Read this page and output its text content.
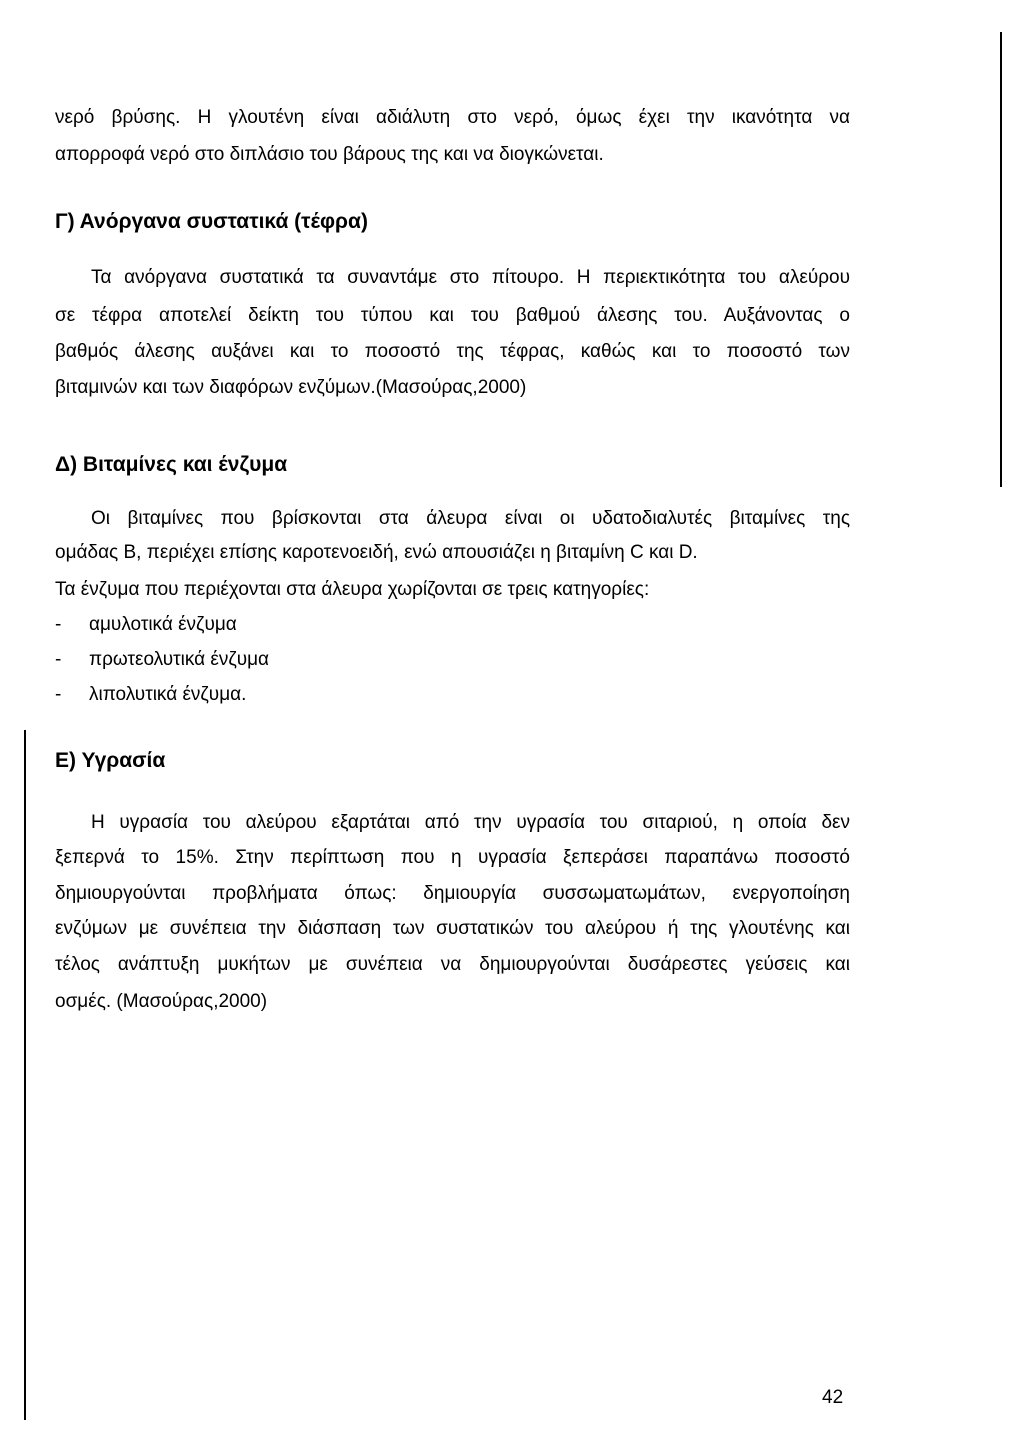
νερό βρύσης. Η γλουτένη είναι αδιάλυτη στο νερό, όμως έχει την ικανότητα να
απορροφά νερό στο διπλάσιο του βάρους της και να διογκώνεται.
Γ) Ανόργανα συστατικά (τέφρα)
Τα ανόργανα συστατικά τα συναντάμε στο πίτουρο. Η περιεκτικότητα του αλεύρου
σε τέφρα αποτελεί δείκτη του τύπου και του βαθμού άλεσης του. Αυξάνοντας ο
βαθμός άλεσης αυξάνει και το ποσοστό της τέφρας, καθώς και το ποσοστό των
βιταμινών και των διαφόρων ενζύμων.(Μασούρας,2000)
Δ) Βιταμίνες και ένζυμα
Οι βιταμίνες που βρίσκονται στα άλευρα είναι οι υδατοδιαλυτές βιταμίνες της
ομάδας Β, περιέχει επίσης καροτενοειδή, ενώ απουσιάζει η βιταμίνη C και D.
Τα ένζυμα που περιέχονται στα άλευρα χωρίζονται σε τρεις κατηγορίες:
- αμυλοτικά ένζυμα
- πρωτεολυτικά ένζυμα
- λιπολυτικά ένζυμα.
Ε) Υγρασία
Η υγρασία του αλεύρου εξαρτάται από την υγρασία του σιταριού, η οποία δεν
ξεπερνά το 15%. Στην περίπτωση που η υγρασία ξεπεράσει παραπάνω ποσοστό
δημιουργούνται προβλήματα όπως: δημιουργία συσσωματωμάτων, ενεργοποίηση
ενζύμων με συνέπεια την διάσπαση των συστατικών του αλεύρου ή της γλουτένης και
τέλος ανάπτυξη μυκήτων με συνέπεια να δημιουργούνται δυσάρεστες γεύσεις και
οσμές. (Μασούρας,2000)
42
